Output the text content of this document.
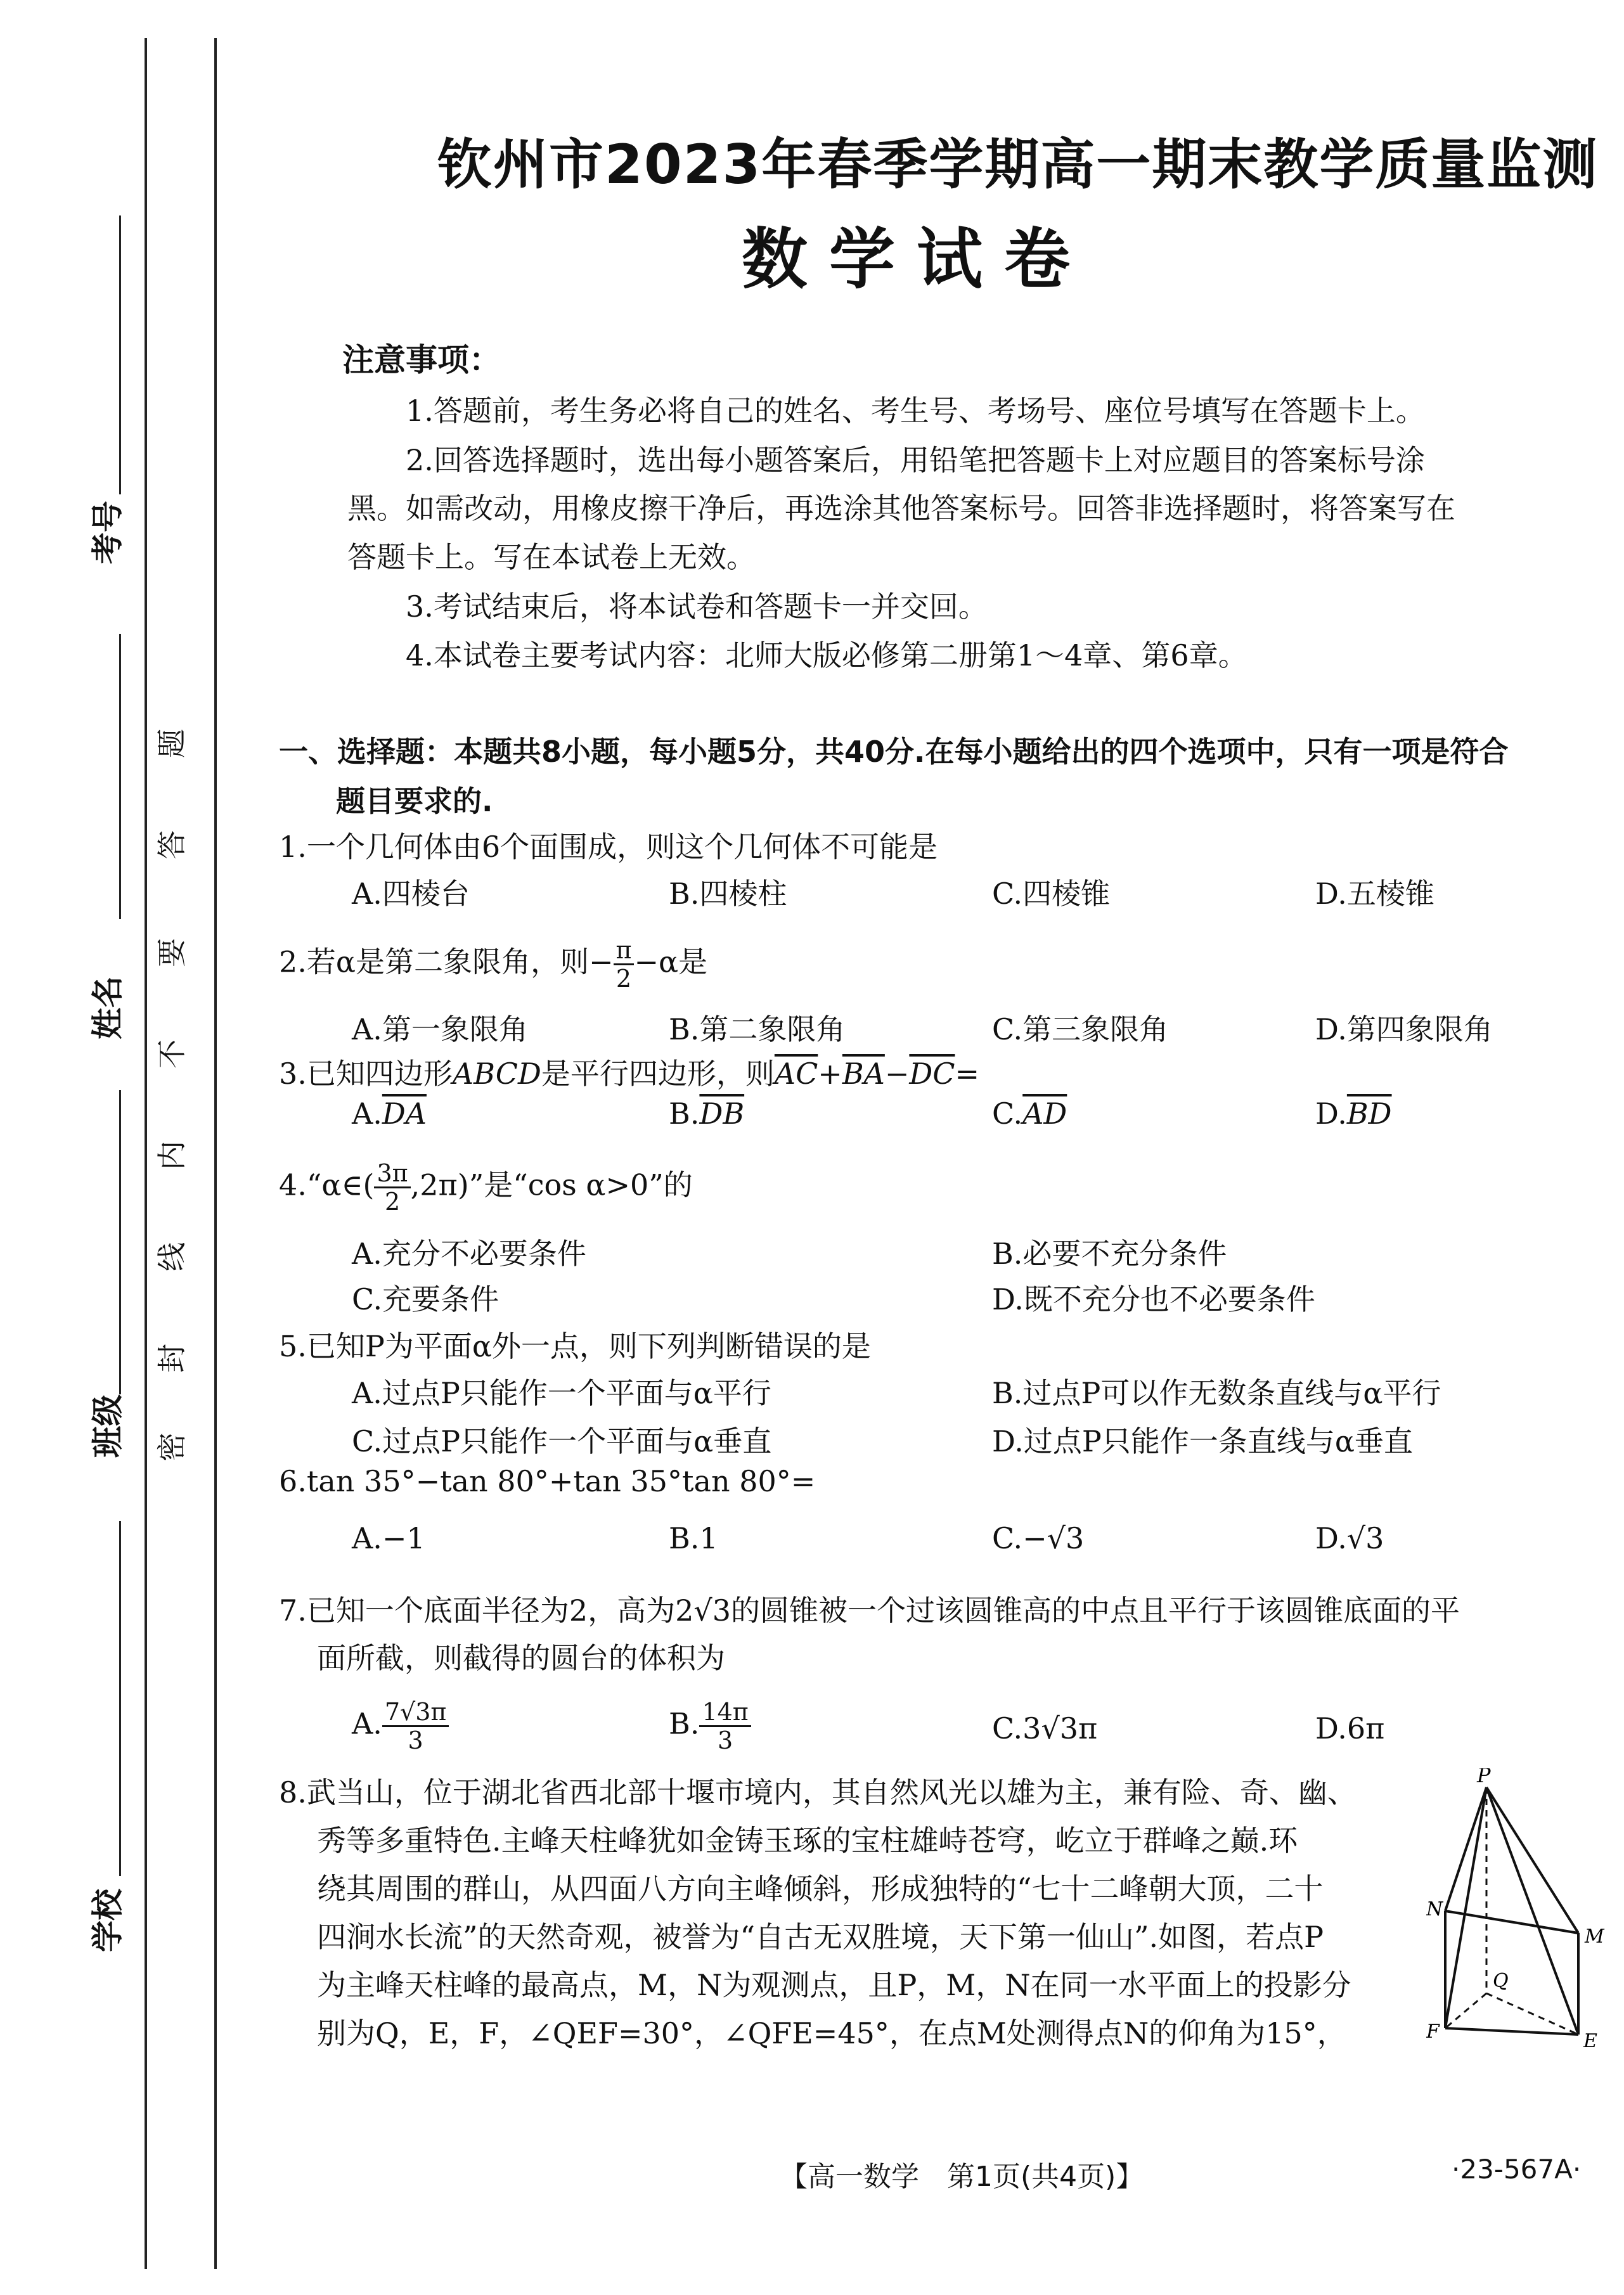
考号
姓名
班级
学校
密
封
线
内
不
要
答
题
钦州市2023年春季学期高一期末教学质量监测
数学试卷
注意事项：
1.答题前，考生务必将自己的姓名、考生号、考场号、座位号填写在答题卡上。
2.回答选择题时，选出每小题答案后，用铅笔把答题卡上对应题目的答案标号涂
黑。如需改动，用橡皮擦干净后，再选涂其他答案标号。回答非选择题时，将答案写在
答题卡上。写在本试卷上无效。
3.考试结束后，将本试卷和答题卡一并交回。
4.本试卷主要考试内容：北师大版必修第二册第1～4章、第6章。
一、选择题：本题共8小题，每小题5分，共40分.在每小题给出的四个选项中，只有一项是符合
题目要求的.
1.一个几何体由6个面围成，则这个几何体不可能是
A.四棱台	B.四棱柱	C.四棱锥	D.五棱锥
2.若α是第二象限角，则− $\frac{\pi}{2} -\alpha$是
A.第一象限角	B.第二象限角	C.第三象限角	D.第四象限角
3.已知四边形ABCD是平行四边形，则$\overline{AC}+\overline{BA}-\overline{DC}=$
$A.\overline{DA}$	$B.\overline{DB}$	$C.\overline{AD}$	$D.\overline{BD}$
4.“α∈( $\frac{3\pi}{2} ,2\pi$)”是“cos α>0”的
A.充分不必要条件	B.必要不充分条件
C.充要条件	D.既不充分也不必要条件
5.已知P为平面α外一点，则下列判断错误的是
A.过点P只能作一个平面与α平行	B.过点P可以作无数条直线与α平行
C.过点P只能作一个平面与α垂直	D.过点P只能作一条直线与α垂直
6.tan 35°−tan 80°+tan 35°tan 80°=
A.−1	B.1	C.−√3	D.√3
7.已知一个底面半径为2，高为2√3的圆锥被一个过该圆锥高的中点且平行于该圆锥底面的平
面所截，则截得的圆台的体积为
A. $\frac{7√3\pi}{3}$	B. $\frac{14\pi}{3}$	C.3√3π	D.6π
8.武当山，位于湖北省西北部十堰市境内，其自然风光以雄为主，兼有险、奇、幽、
秀等多重特色.主峰天柱峰犹如金铸玉琢的宝柱雄峙苍穹，屹立于群峰之巅.环
绕其周围的群山，从四面八方向主峰倾斜，形成独特的“七十二峰朝大顶，二十
四涧水长流”的天然奇观，被誉为“自古无双胜境，天下第一仙山”.如图，若点P
为主峰天柱峰的最高点，M，N为观测点，且P，M，N在同一水平面上的投影分
别为Q，E，F，∠QEF=30°，∠QFE=45°，在点M处测得点N的仰角为15°，
P
N
M
Q
F	E
【高一数学　第1页(共4页)】	·23-567A·
